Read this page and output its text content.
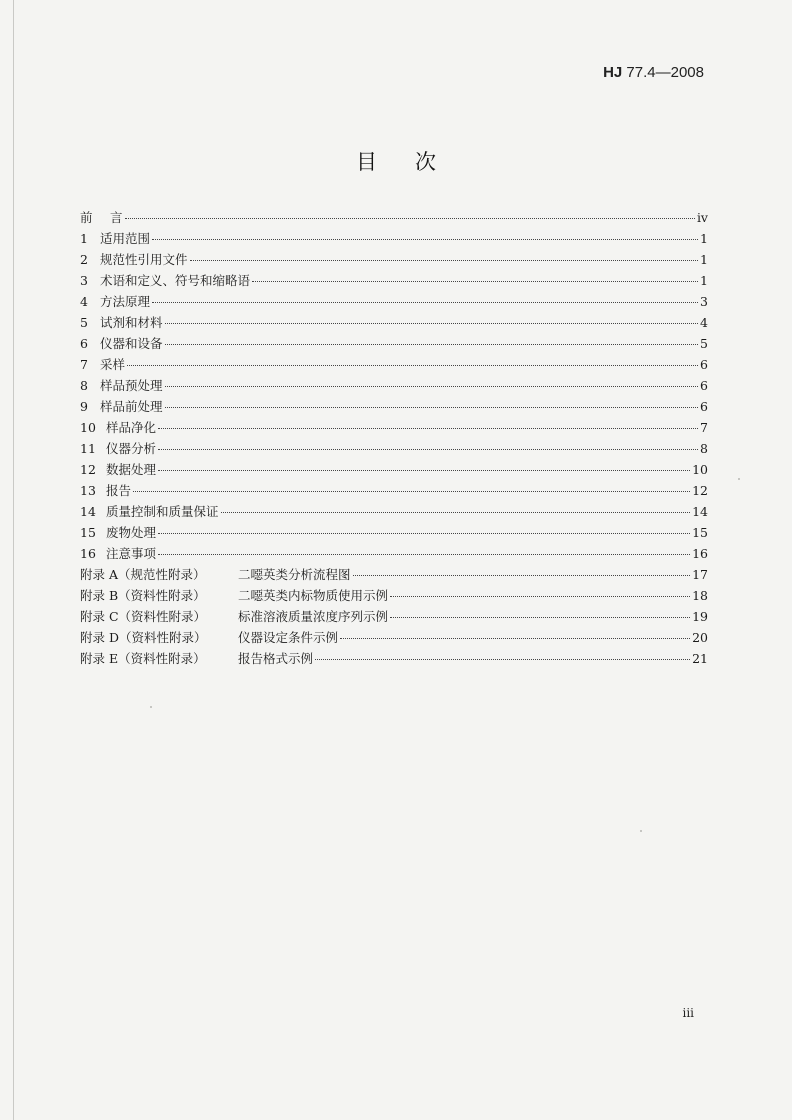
HJ 77.4—2008
目次
前 言	iv
1 适用范围	1
2 规范性引用文件	1
3 术语和定义、符号和缩略语	1
4 方法原理	3
5 试剂和材料	4
6 仪器和设备	5
7 采样	6
8 样品预处理	6
9 样品前处理	6
10 样品净化	7
11 仪器分析	8
12 数据处理	10
13 报告	12
14 质量控制和质量保证	14
15 废物处理	15
16 注意事项	16
附录 A（规范性附录）	二噁英类分析流程图	17
附录 B（资料性附录）	二噁英类内标物质使用示例	18
附录 C（资料性附录）	标准溶液质量浓度序列示例	19
附录 D（资料性附录）	仪器设定条件示例	20
附录 E（资料性附录）	报告格式示例	21
iii
